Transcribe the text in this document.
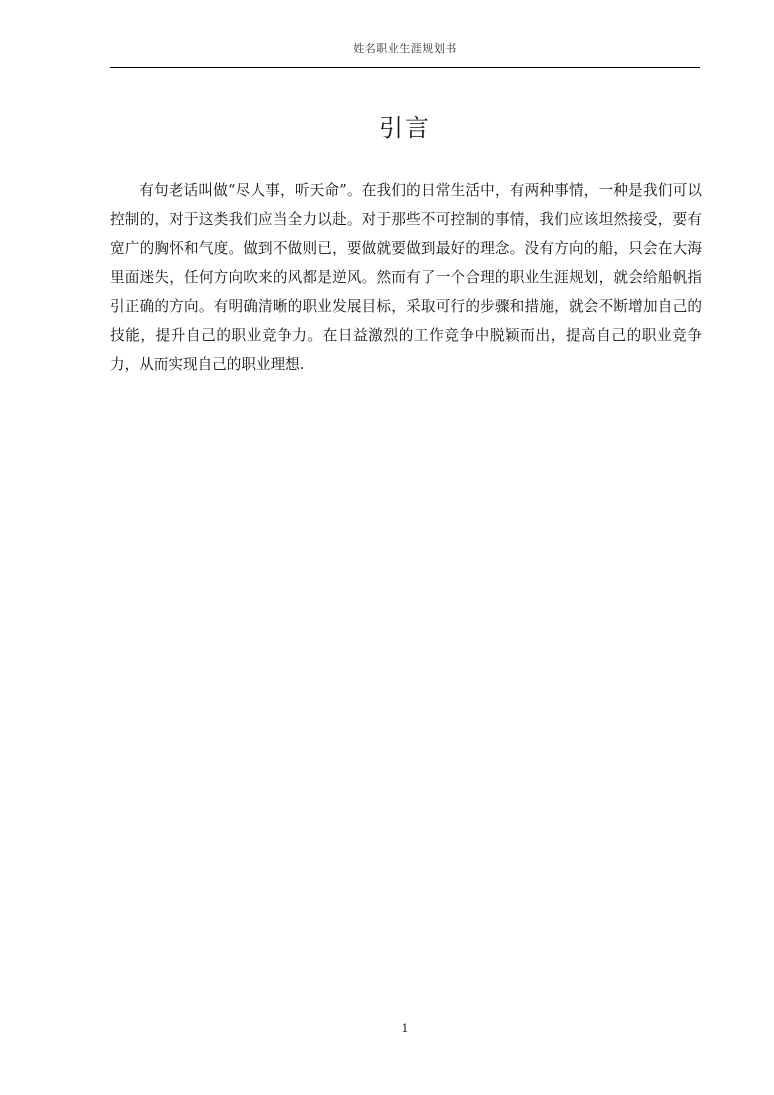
姓名职业生涯规划书
引言

有句老话叫做“尽人事，听天命”。在我们的日常生活中，有两种事情，一种是我们可以控制的，对于这类我们应当全力以赴。对于那些不可控制的事情，我们应该坦然接受，要有宽广的胸怀和气度。做到不做则已，要做就要做到最好的理念。没有方向的船，只会在大海里面迷失，任何方向吹来的风都是逆风。然而有了一个合理的职业生涯规划，就会给船帆指引正确的方向。有明确清晰的职业发展目标，采取可行的步骤和措施，就会不断增加自己的技能，提升自己的职业竞争力。在日益激烈的工作竞争中脱颖而出，提高自己的职业竞争力，从而实现自己的职业理想.

1
